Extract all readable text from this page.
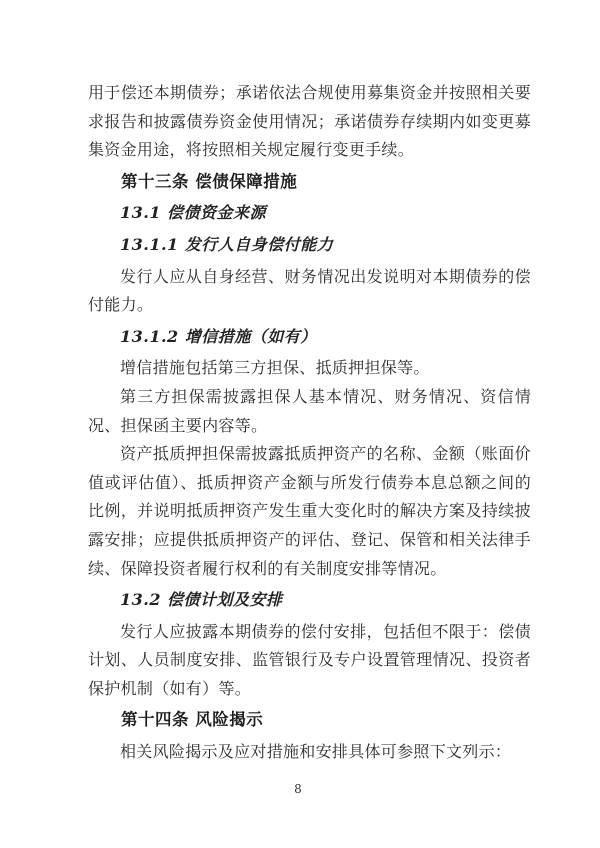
用于偿还本期债券；承诺依法合规使用募集资金并按照相关要求报告和披露债券资金使用情况；承诺债券存续期内如变更募集资金用途，将按照相关规定履行变更手续。

第十三条 偿债保障措施
13.1 偿债资金来源
13.1.1 发行人自身偿付能力

发行人应从自身经营、财务情况出发说明对本期债券的偿付能力。

13.1.2 增信措施（如有）

增信措施包括第三方担保、抵质押担保等。

第三方担保需披露担保人基本情况、财务情况、资信情况、担保函主要内容等。

资产抵质押担保需披露抵质押资产的名称、金额（账面价值或评估值）、抵质押资产金额与所发行债券本息总额之间的比例，并说明抵质押资产发生重大变化时的解决方案及持续披露安排；应提供抵质押资产的评估、登记、保管和相关法律手续、保障投资者履行权利的有关制度安排等情况。

13.2 偿债计划及安排

发行人应披露本期债券的偿付安排，包括但不限于：偿债计划、人员制度安排、监管银行及专户设置管理情况、投资者保护机制（如有）等。

第十四条 风险揭示

相关风险揭示及应对措施和安排具体可参照下文列示：

8
